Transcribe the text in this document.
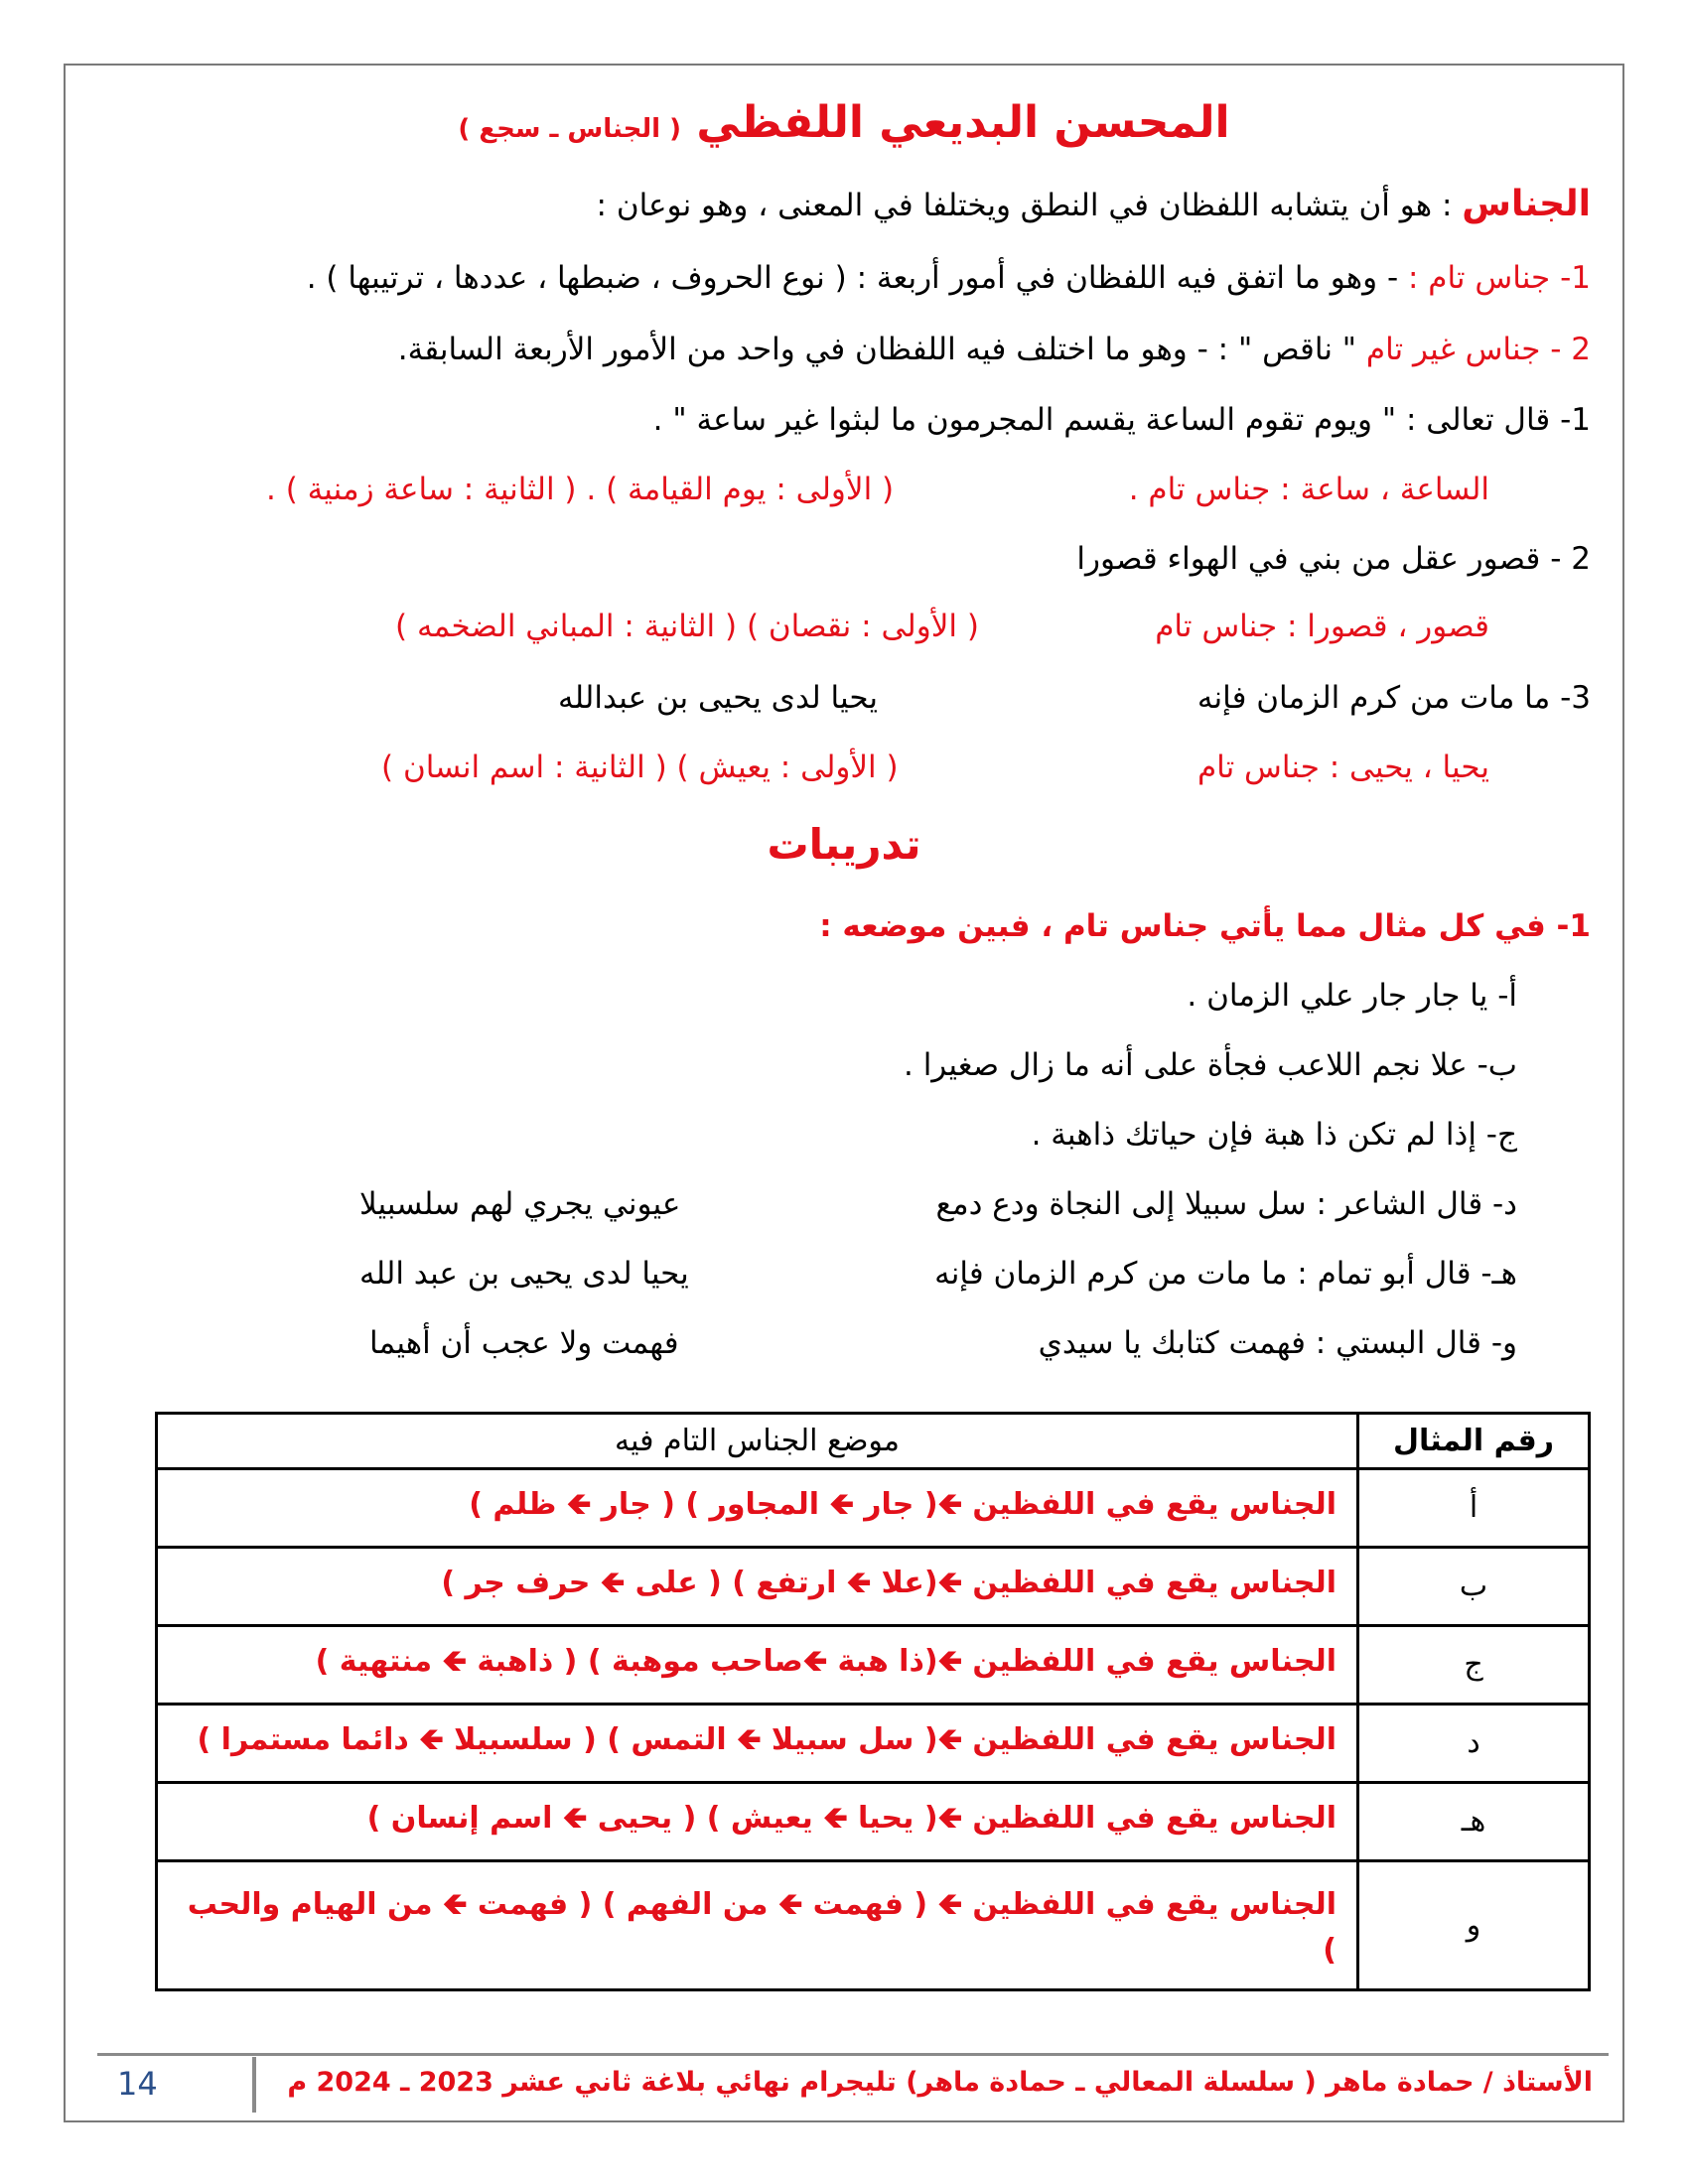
المحسن البديعي اللفظي ( الجناس ـ سجع )
الجناس : هو أن يتشابه اللفظان في النطق ويختلفا في المعنى ، وهو نوعان :
1- جناس تام : - وهو ما اتفق فيه اللفظان في أمور أربعة : ( نوع الحروف ، ضبطها ، عددها ، ترتيبها ) .
2 - جناس غير تام " ناقص " : - وهو ما اختلف فيه اللفظان في واحد من الأمور الأربعة السابقة.
1- قال تعالى : " ويوم تقوم الساعة يقسم المجرمون ما لبثوا غير ساعة " .
الساعة ، ساعة : جناس تام .
( الأولى : يوم القيامة ) . ( الثانية : ساعة زمنية ) .
2 - قصور عقل من بني في الهواء قصورا
قصور ، قصورا : جناس تام
( الأولى : نقصان ) ( الثانية : المباني الضخمه )
3- ما مات من كرم الزمان فإنه
يحيا لدى يحيى بن عبدالله
يحيا ، يحيى : جناس تام
( الأولى : يعيش ) ( الثانية : اسم انسان )
تدريبات
1- في كل مثال مما يأتي جناس تام ، فبين موضعه :
أ- يا جار جار علي الزمان .
ب- علا نجم اللاعب فجأة على أنه ما زال صغيرا .
ج- إذا لم تكن ذا هبة فإن حياتك ذاهبة .
د- قال الشاعر : سل سبيلا إلى النجاة ودع دمع
عيوني يجري لهم سلسبيلا
هـ- قال أبو تمام : ما مات من كرم الزمان فإنه
يحيا لدى يحيى بن عبد الله
و- قال البستي : فهمت كتابك يا سيدي
فهمت ولا عجب أن أهيما
رقم المثال	موضع الجناس التام فيه
أ	الجناس يقع في اللفظين 🡸( جار 🡸 المجاور ) ( جار 🡸 ظلم )
ب	الجناس يقع في اللفظين 🡸(علا 🡸 ارتفع ) ( على 🡸 حرف جر )
ج	الجناس يقع في اللفظين 🡸(ذا هبة 🡸صاحب موهبة ) ( ذاهبة 🡸 منتهية )
د	الجناس يقع في اللفظين 🡸( سل سبيلا 🡸 التمس ) ( سلسبيلا 🡸 دائما مستمرا )
هـ	الجناس يقع في اللفظين 🡸( يحيا 🡸 يعيش ) ( يحيى 🡸 اسم إنسان )
و	الجناس يقع في اللفظين 🡸 ( فهمت 🡸 من الفهم ) ( فهمت 🡸 من الهيام والحب )
14	الأستاذ / حمادة ماهر ( سلسلة المعالي ـ حمادة ماهر) تليجرام نهائي بلاغة ثاني عشر 2023 ـ 2024 م
